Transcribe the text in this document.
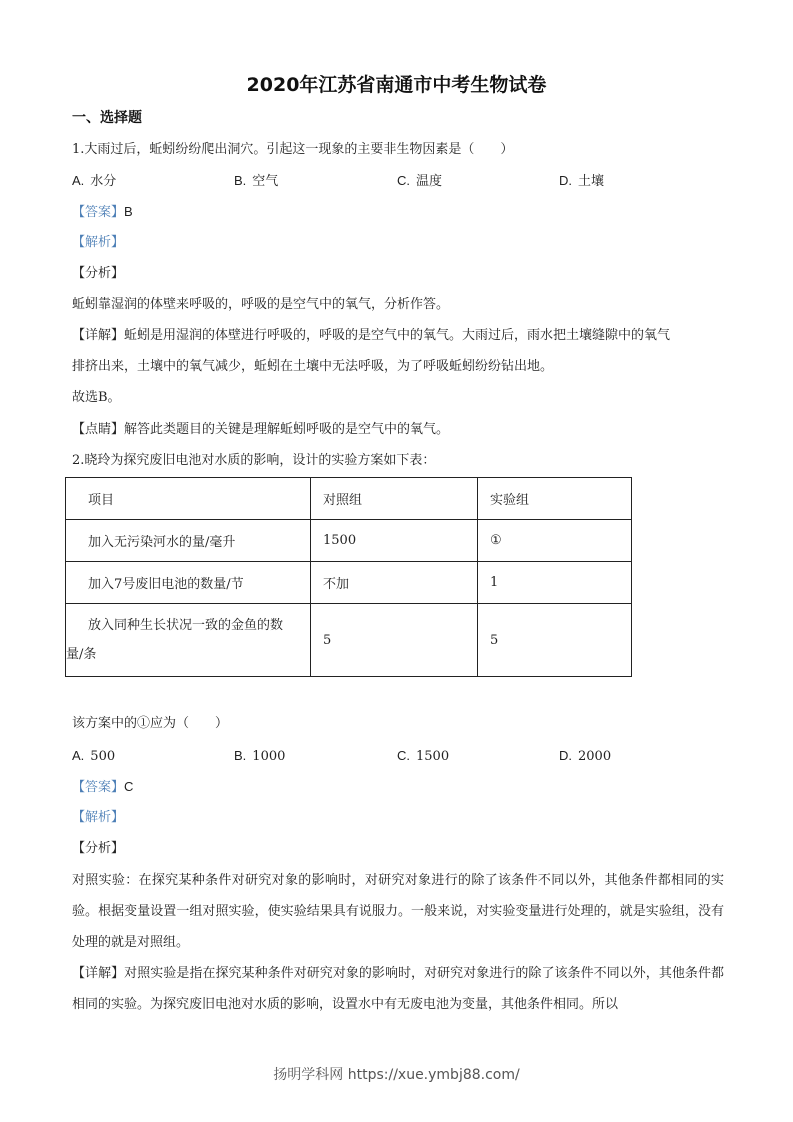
2020年江苏省南通市中考生物试卷
一、选择题
1.大雨过后，蚯蚓纷纷爬出洞穴。引起这一现象的主要非生物因素是（　　）
A. 水分	B. 空气	C. 温度	D. 土壤
【答案】B
【解析】
【分析】
蚯蚓靠湿润的体壁来呼吸的，呼吸的是空气中的氧气，分析作答。
【详解】蚯蚓是用湿润的体壁进行呼吸的，呼吸的是空气中的氧气。大雨过后，雨水把土壤缝隙中的氧气
排挤出来，土壤中的氧气减少，蚯蚓在土壤中无法呼吸，为了呼吸蚯蚓纷纷钻出地。
故选B。
【点睛】解答此类题目的关键是理解蚯蚓呼吸的是空气中的氧气。
2.晓玲为探究废旧电池对水质的影响，设计的实验方案如下表：
项目	对照组	实验组
加入无污染河水的量/毫升	1500	①
加入7号废旧电池的数量/节	不加	1
放入同种生长状况一致的金鱼的数量/条	5	5
该方案中的①应为（　　）
A. 500	B. 1000	C. 1500	D. 2000
【答案】C
【解析】
【分析】
对照实验：在探究某种条件对研究对象的影响时，对研究对象进行的除了该条件不同以外，其他条件都相同的实验。根据变量设置一组对照实验，使实验结果具有说服力。一般来说，对实验变量进行处理的，就是实验组，没有处理的就是对照组。
【详解】对照实验是指在探究某种条件对研究对象的影响时，对研究对象进行的除了该条件不同以外，其他条件都相同的实验。为探究废旧电池对水质的影响，设置水中有无废电池为变量，其他条件相同。所以
扬明学科网 https://xue.ymbj88.com/
